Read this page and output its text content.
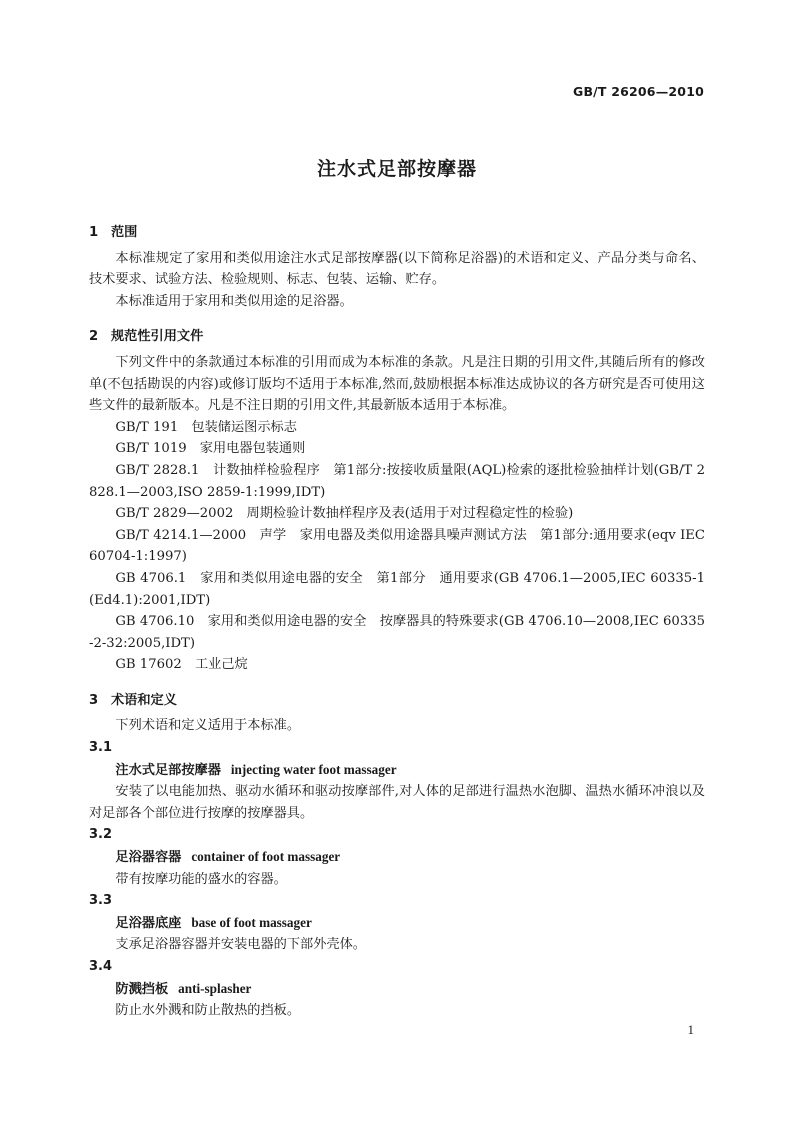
GB/T 26206—2010
注水式足部按摩器
1 范围

本标准规定了家用和类似用途注水式足部按摩器(以下简称足浴器)的术语和定义、产品分类与命名、技术要求、试验方法、检验规则、标志、包装、运输、贮存。

本标准适用于家用和类似用途的足浴器。

2 规范性引用文件

下列文件中的条款通过本标准的引用而成为本标准的条款。凡是注日期的引用文件,其随后所有的修改单(不包括勘误的内容)或修订版均不适用于本标准,然而,鼓励根据本标准达成协议的各方研究是否可使用这些文件的最新版本。凡是不注日期的引用文件,其最新版本适用于本标准。

GB/T 191　包装储运图示标志

GB/T 1019　家用电器包装通则

GB/T 2828.1　计数抽样检验程序　第1部分:按接收质量限(AQL)检索的逐批检验抽样计划(GB/T 2828.1—2003,ISO 2859-1:1999,IDT)

GB/T 2829—2002　周期检验计数抽样程序及表(适用于对过程稳定性的检验)

GB/T 4214.1—2000　声学　家用电器及类似用途器具噪声测试方法　第1部分:通用要求(eqv IEC 60704-1:1997)

GB 4706.1　家用和类似用途电器的安全　第1部分　通用要求(GB 4706.1—2005,IEC 60335-1(Ed4.1):2001,IDT)

GB 4706.10　家用和类似用途电器的安全　按摩器具的特殊要求(GB 4706.10—2008,IEC 60335-2-32:2005,IDT)

GB 17602　工业己烷

3 术语和定义

下列术语和定义适用于本标准。

3.1

注水式足部按摩器 injecting water foot massager

安装了以电能加热、驱动水循环和驱动按摩部件,对人体的足部进行温热水泡脚、温热水循环冲浪以及对足部各个部位进行按摩的按摩器具。

3.2

足浴器容器 container of foot massager

带有按摩功能的盛水的容器。

3.3

足浴器底座 base of foot massager

支承足浴器容器并安装电器的下部外壳体。

3.4

防溅挡板 anti-splasher

防止水外溅和防止散热的挡板。

1
